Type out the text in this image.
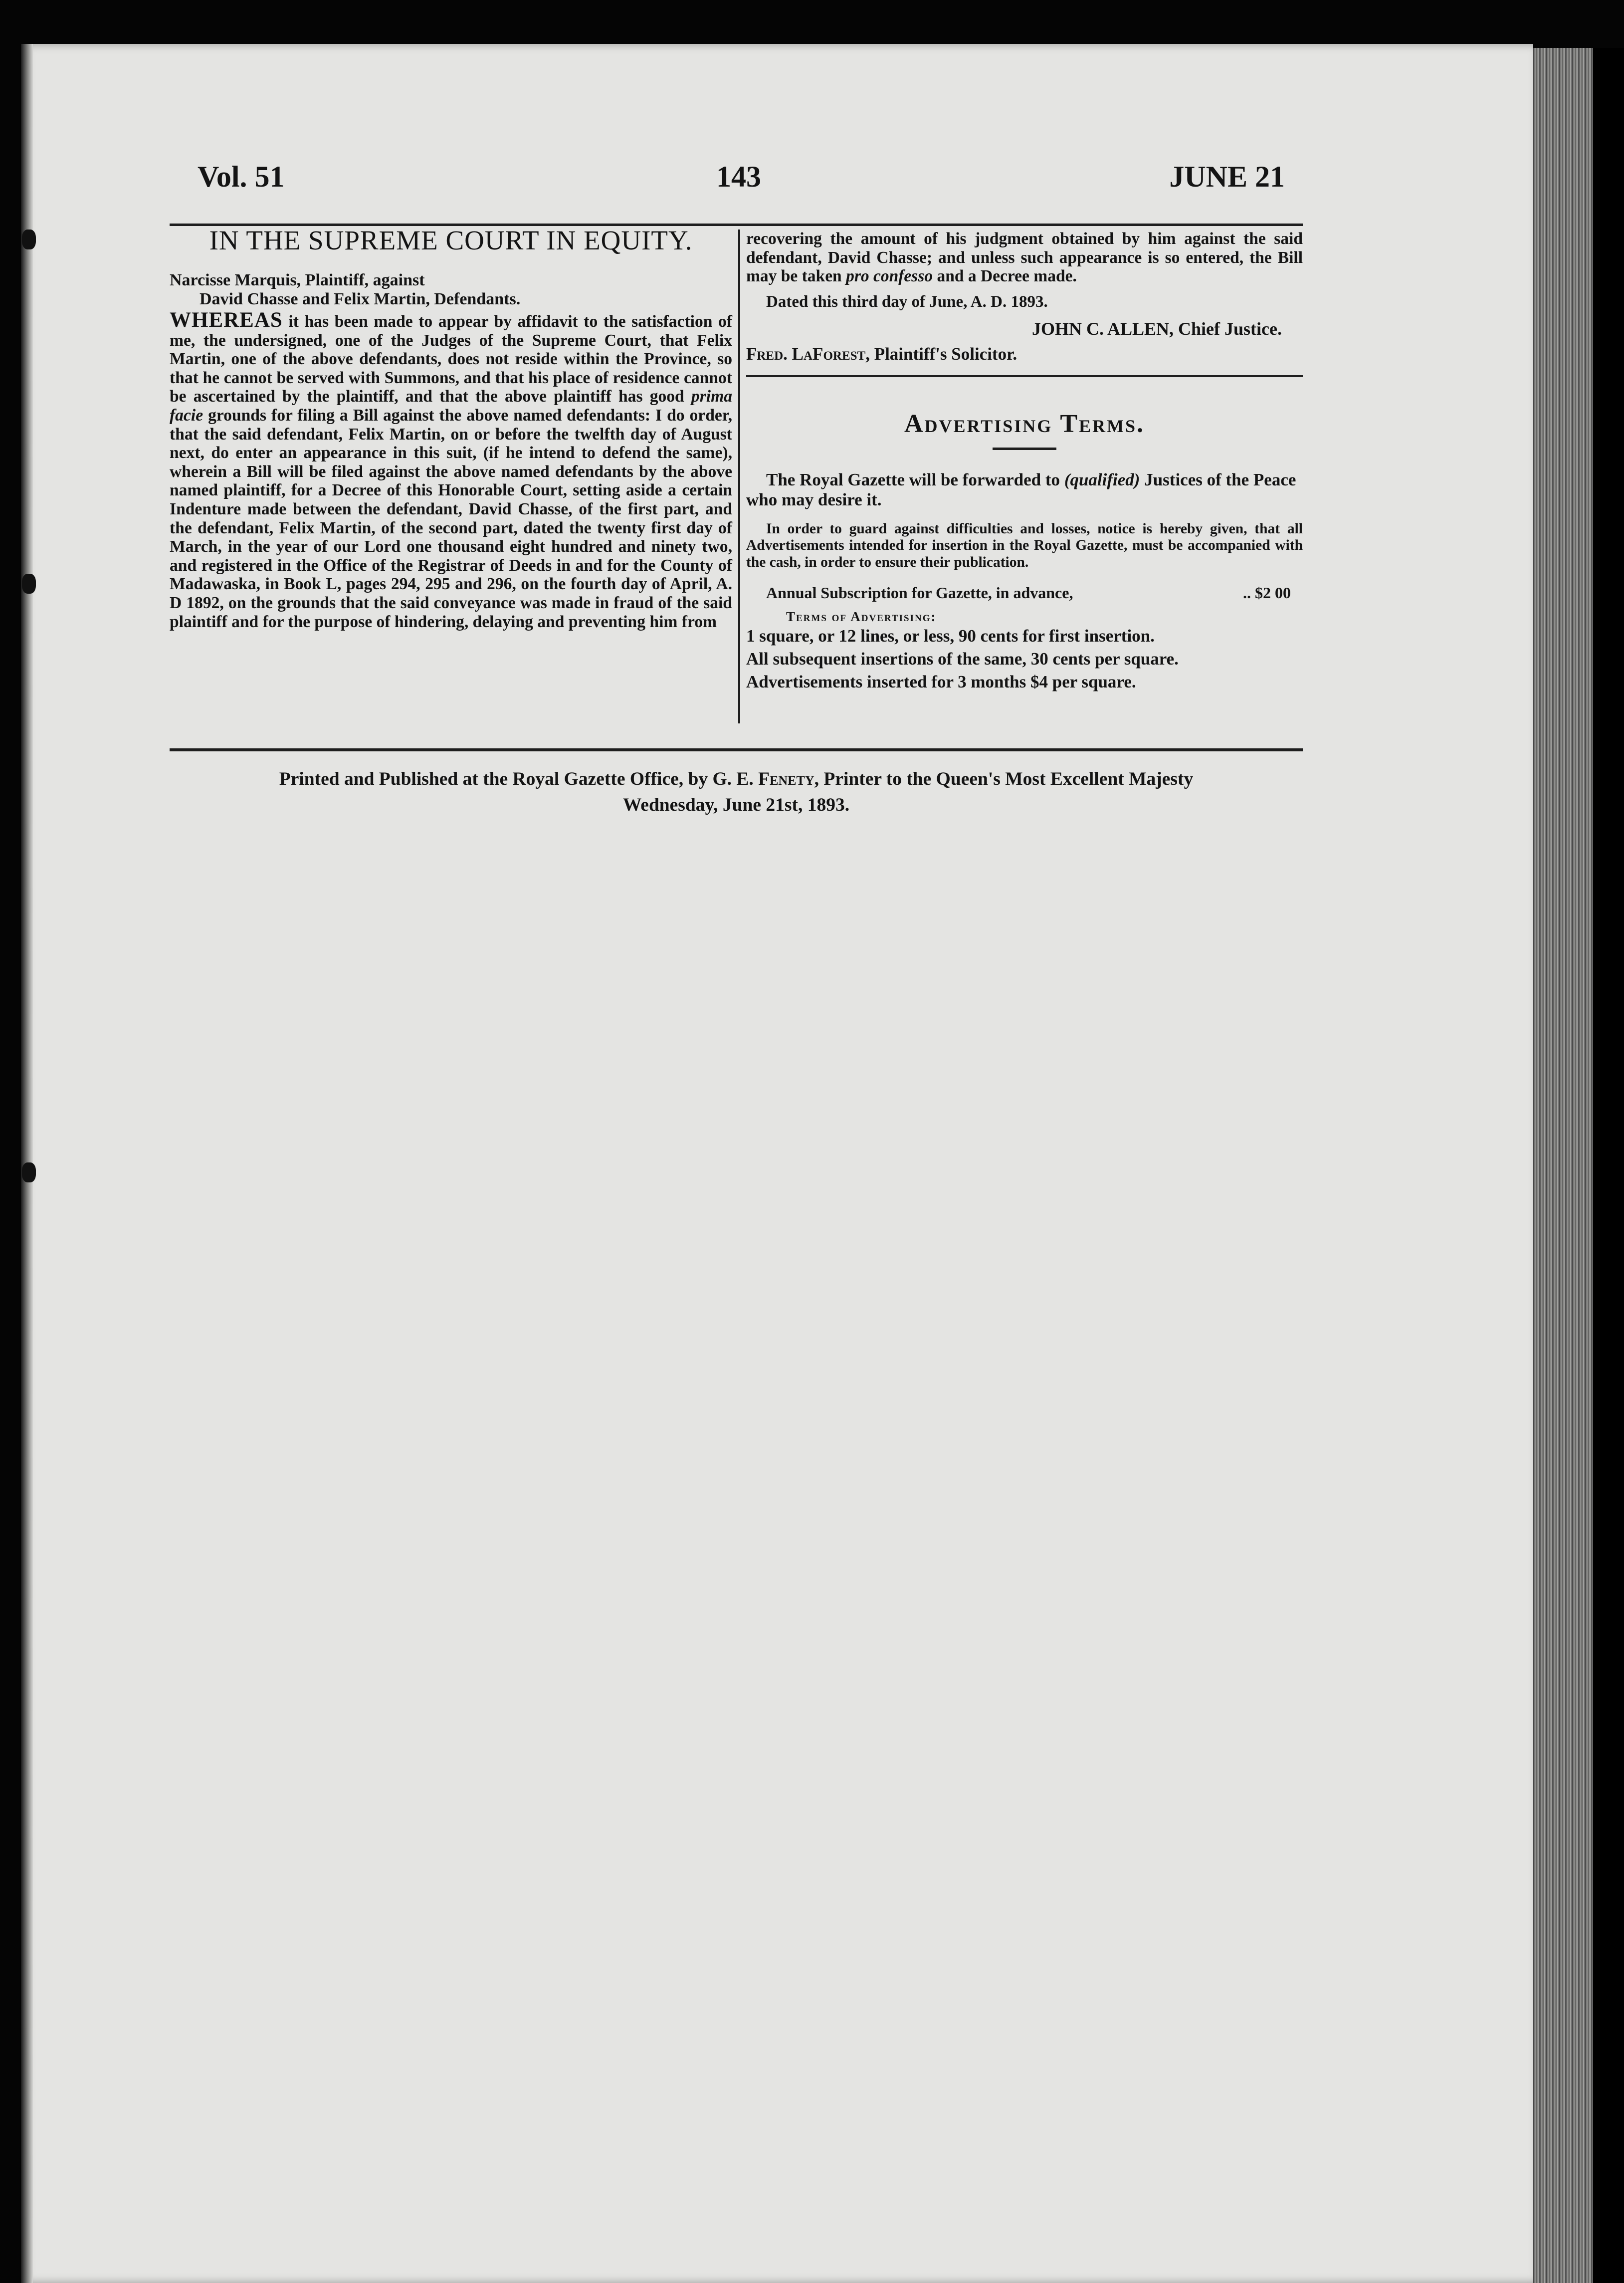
Vol. 51	143	JUNE 21
IN THE SUPREME COURT IN EQUITY.
Narcisse Marquis, Plaintiff, against
David Chasse and Felix Martin, Defendants.
WHEREAS it has been made to appear by affidavit to the satisfaction of me, the undersigned, one of the Judges of the Supreme Court, that Felix Martin, one of the above defendants, does not reside within the Province, so that he cannot be served with Summons, and that his place of residence cannot be ascertained by the plaintiff, and that the above plaintiff has good prima facie grounds for filing a Bill against the above named defendants: I do order, that the said defendant, Felix Martin, on or before the twelfth day of August next, do enter an appearance in this suit, (if he intend to defend the same), wherein a Bill will be filed against the above named defendants by the above named plaintiff, for a Decree of this Honorable Court, setting aside a certain Indenture made between the defendant, David Chasse, of the first part, and the defendant, Felix Martin, of the second part, dated the twenty first day of March, in the year of our Lord one thousand eight hundred and ninety two, and registered in the Office of the Registrar of Deeds in and for the County of Madawaska, in Book L, pages 294, 295 and 296, on the fourth day of April, A. D 1892, on the grounds that the said conveyance was made in fraud of the said plaintiff and for the purpose of hindering, delaying and preventing him from
recovering the amount of his judgment obtained by him against the said defendant, David Chasse; and unless such appearance is so entered, the Bill may be taken pro confesso and a Decree made.
Dated this third day of June, A. D. 1893.
JOHN C. ALLEN, Chief Justice.
Fred. LaForest, Plaintiff's Solicitor.
Advertising Terms.
The Royal Gazette will be forwarded to (qualified) Justices of the Peace who may desire it.
In order to guard against difficulties and losses, notice is hereby given, that all Advertisements intended for insertion in the Royal Gazette, must be accompanied with the cash, in order to ensure their publication.
Annual Subscription for Gazette, in advance,	.. $2 00
Terms of Advertising:
1 square, or 12 lines, or less, 90 cents for first insertion.
All subsequent insertions of the same, 30 cents per square.
Advertisements inserted for 3 months $4 per square.
Printed and Published at the Royal Gazette Office, by G. E. Fenety, Printer to the Queen's Most Excellent Majesty
Wednesday, June 21st, 1893.
